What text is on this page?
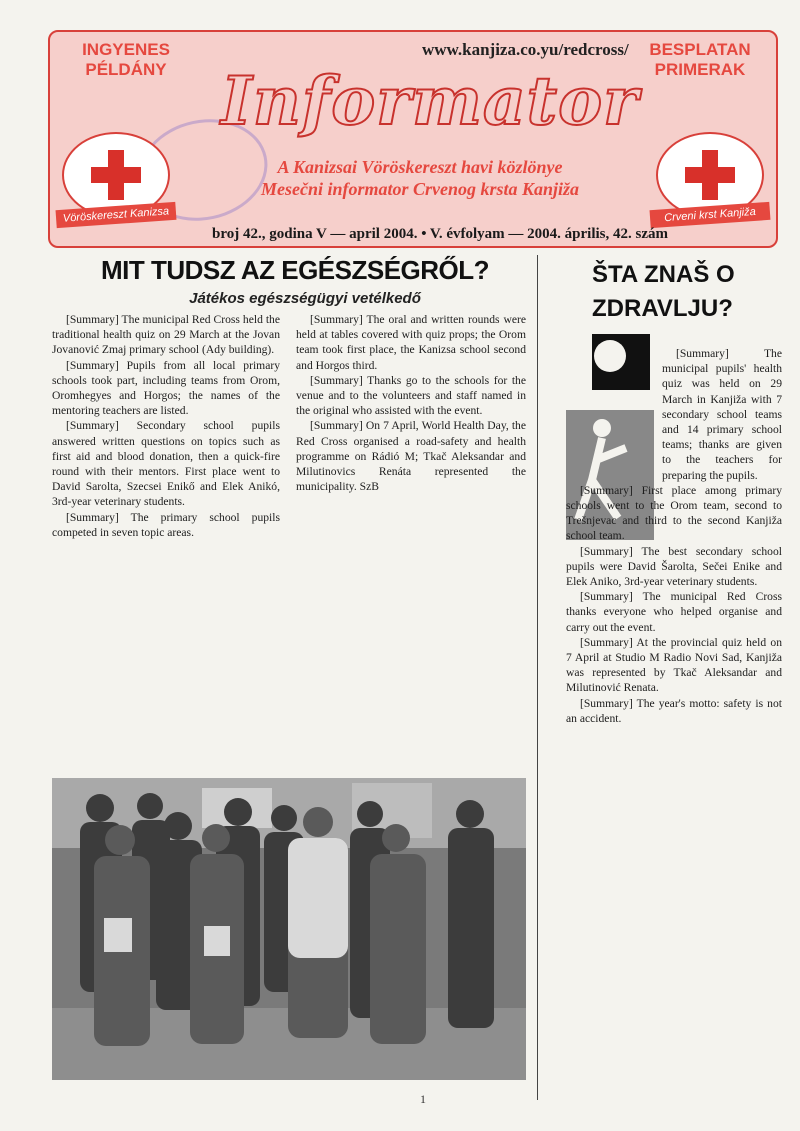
INGYENES PÉLDÁNY
www.kanjiza.co.yu/redcross/	BESPLATAN PRIMERAK
Informator
A Kanizsai Vöröskereszt havi közlönye
Mesečni informator Crvenog krsta Kanjiža
Vöröskereszt Kanizsa	Crveni krst Kanjiža
broj 42., godina V — april 2004. • V. évfolyam — 2004. április, 42. szám
MIT TUDSZ AZ EGÉSZSÉGRŐL?
Játékos egészségügyi vetélkedő

[Summary] The municipal Red Cross held the traditional health quiz on 29 March at the Jovan Jovanović Zmaj primary school (Ady building).

[Summary] Pupils from all local primary schools took part, including teams from Orom, Oromhegyes and Horgos; the names of the mentoring teachers are listed.

[Summary] Secondary school pupils answered written questions on topics such as first aid and blood donation, then a quick-fire round with their mentors. First place went to David Saroltа, Szecsei Enikő and Elek Anikó, 3rd-year veterinary students.

[Summary] The primary school pupils competed in seven topic areas.

[Summary] The oral and written rounds were held at tables covered with quiz props; the Orom team took first place, the Kanizsa school second and Horgos third.

[Summary] Thanks go to the schools for the venue and to the volunteers and staff named in the original who assisted with the event.

[Summary] On 7 April, World Health Day, the Red Cross organised a road-safety and health programme on Rádió M; Tkač Aleksandar and Milutinovics Renáta represented the municipality. SzB

ŠTA ZNAŠ O ZDRAVLJU?

[Summary] The municipal pupils' health quiz was held on 29 March in Kanjiža with 7 secondary school teams and 14 primary school teams; thanks are given to the teachers for preparing the pupils.

[Summary] First place among primary schools went to the Orom team, second to Trešnjevac and third to the second Kanjiža school team.

[Summary] The best secondary school pupils were David Šarolta, Sečei Enike and Elek Aniko, 3rd-year veterinary students.

[Summary] The municipal Red Cross thanks everyone who helped organise and carry out the event.

[Summary] At the provincial quiz held on 7 April at Studio M Radio Novi Sad, Kanjiža was represented by Tkač Aleksandar and Milutinović Renata.

[Summary] The year's motto: safety is not an accident.

1
